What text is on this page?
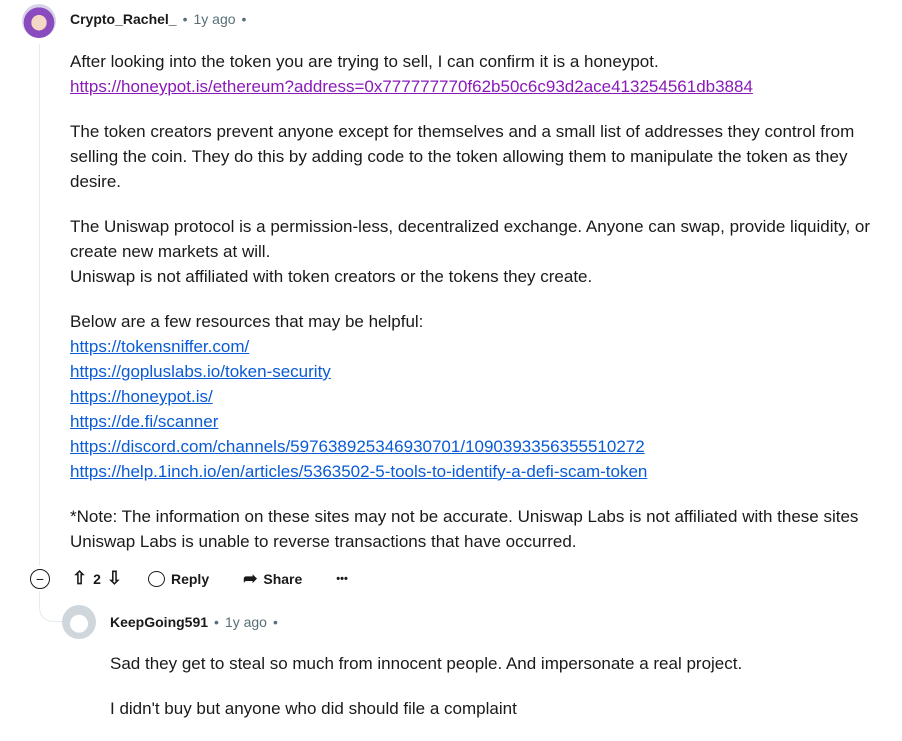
Crypto_Rachel_ • 1y ago •

After looking into the token you are trying to sell, I can confirm it is a honeypot.
https://honeypot.is/ethereum?address=0x777777770f62b50c6c93d2ace413254561db3884

The token creators prevent anyone except for themselves and a small list of addresses they control from selling the coin. They do this by adding code to the token allowing them to manipulate the token as they desire.

The Uniswap protocol is a permission-less, decentralized exchange. Anyone can swap, provide liquidity, or create new markets at will.
Uniswap is not affiliated with token creators or the tokens they create.

Below are a few resources that may be helpful:
https://tokensniffer.com/
https://gopluslabs.io/token-security
https://honeypot.is/
https://de.fi/scanner
https://discord.com/channels/597638925346930701/1090393356355510272
https://help.1inch.io/en/articles/5363502-5-tools-to-identify-a-defi-scam-token

*Note: The information on these sites may not be accurate. Uniswap Labs is not affiliated with these sites
Uniswap Labs is unable to reverse transactions that have occurred.

−	⇧ 2 ⇩	Reply ➦ Share	•••
KeepGoing591 • 1y ago •

Sad they get to steal so much from innocent people. And impersonate a real project.

I didn't buy but anyone who did should file a complaint
